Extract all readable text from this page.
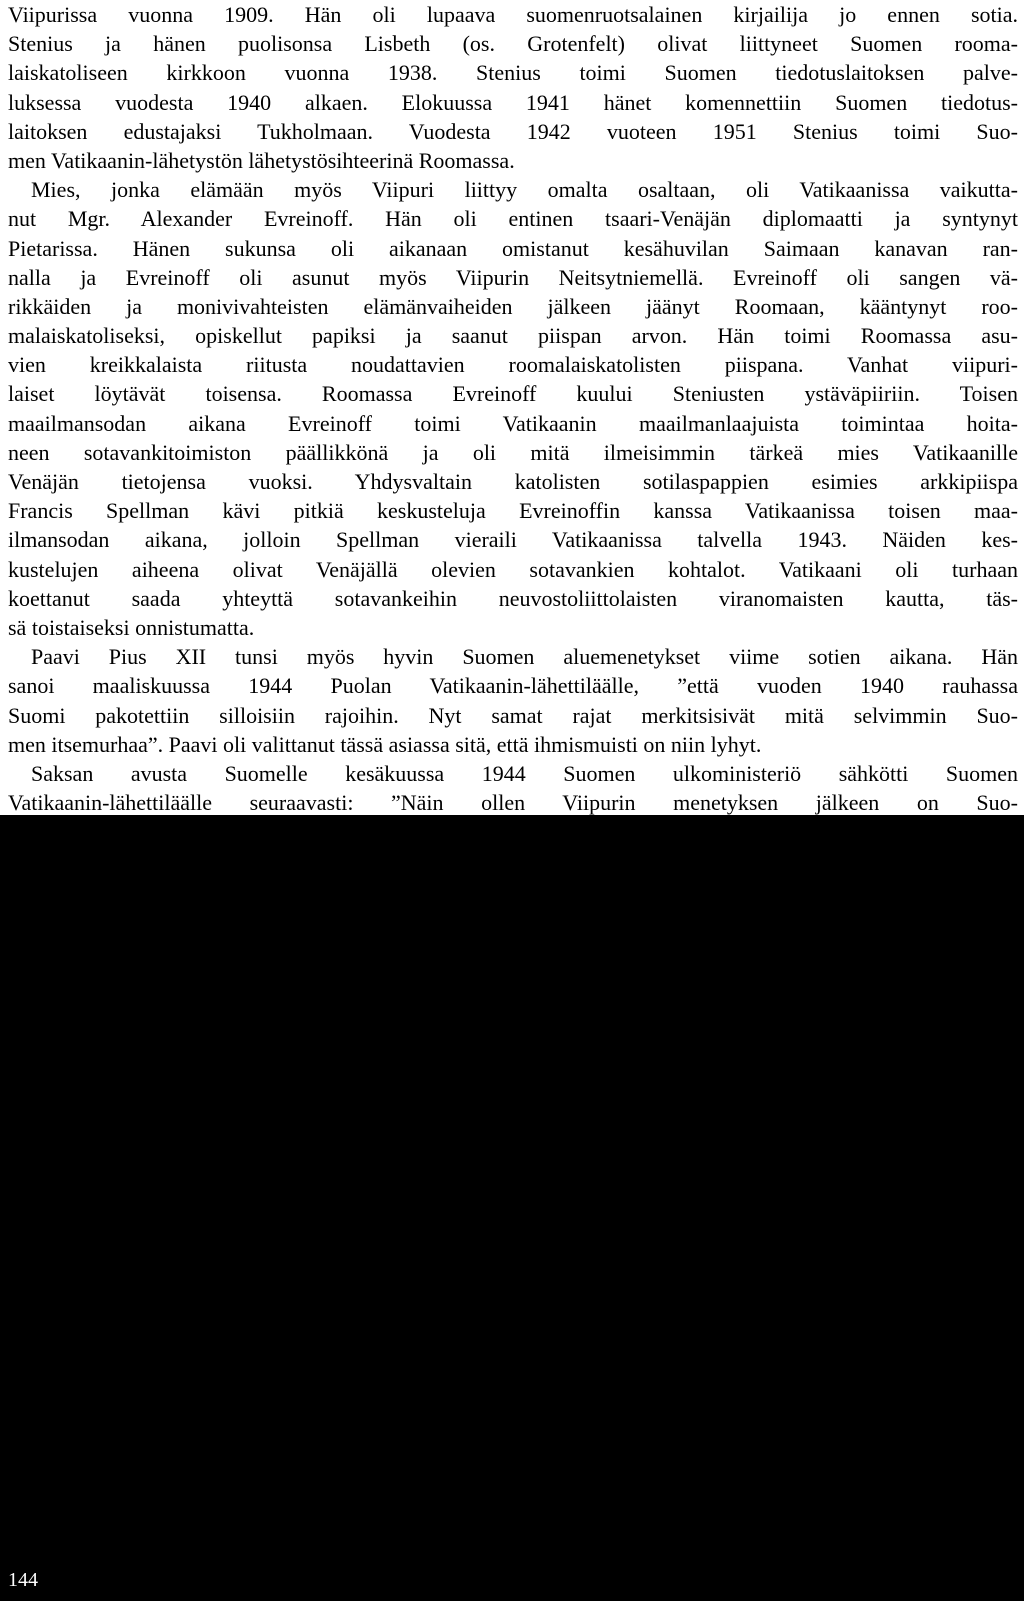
Viipurissa vuonna 1909. Hän oli lupaava suomenruotsalainen kirjailija jo ennen sotia.
Stenius ja hänen puolisonsa Lisbeth (os. Grotenfelt) olivat liittyneet Suomen rooma-
laiskatoliseen kirkkoon vuonna 1938. Stenius toimi Suomen tiedotuslaitoksen palve-
luksessa vuodesta 1940 alkaen. Elokuussa 1941 hänet komennettiin Suomen tiedotus-
laitoksen edustajaksi Tukholmaan. Vuodesta 1942 vuoteen 1951 Stenius toimi Suo-
men Vatikaanin-lähetystön lähetystösihteerinä Roomassa.
Mies, jonka elämään myös Viipuri liittyy omalta osaltaan, oli Vatikaanissa vaikutta-
nut Mgr. Alexander Evreinoff. Hän oli entinen tsaari-Venäjän diplomaatti ja syntynyt
Pietarissa. Hänen sukunsa oli aikanaan omistanut kesähuvilan Saimaan kanavan ran-
nalla ja Evreinoff oli asunut myös Viipurin Neitsytniemellä. Evreinoff oli sangen vä-
rikkäiden ja monivivahteisten elämänvaiheiden jälkeen jäänyt Roomaan, kääntynyt roo-
malaiskatoliseksi, opiskellut papiksi ja saanut piispan arvon. Hän toimi Roomassa asu-
vien kreikkalaista riitusta noudattavien roomalaiskatolisten piispana. Vanhat viipuri-
laiset löytävät toisensa. Roomassa Evreinoff kuului Steniusten ystäväpiiriin. Toisen
maailmansodan aikana Evreinoff toimi Vatikaanin maailmanlaajuista toimintaa hoita-
neen sotavankitoimiston päällikkönä ja oli mitä ilmeisimmin tärkeä mies Vatikaanille
Venäjän tietojensa vuoksi. Yhdysvaltain katolisten sotilaspappien esimies arkkipiispa
Francis Spellman kävi pitkiä keskusteluja Evreinoffin kanssa Vatikaanissa toisen maa-
ilmansodan aikana, jolloin Spellman vieraili Vatikaanissa talvella 1943. Näiden kes-
kustelujen aiheena olivat Venäjällä olevien sotavankien kohtalot. Vatikaani oli turhaan
koettanut saada yhteyttä sotavankeihin neuvostoliittolaisten viranomaisten kautta, täs-
sä toistaiseksi onnistumatta.
Paavi Pius XII tunsi myös hyvin Suomen aluemenetykset viime sotien aikana. Hän
sanoi maaliskuussa 1944 Puolan Vatikaanin-lähettiläälle, ”että vuoden 1940 rauhassa
Suomi pakotettiin silloisiin rajoihin. Nyt samat rajat merkitsisivät mitä selvimmin Suo-
men itsemurhaa”. Paavi oli valittanut tässä asiassa sitä, että ihmismuisti on niin lyhyt.
Saksan avusta Suomelle kesäkuussa 1944 Suomen ulkoministeriö sähkötti Suomen
Vatikaanin-lähettiläälle seuraavasti: ”Näin ollen Viipurin menetyksen jälkeen on Suo-
mea uhkaamassa valtiollinen ja kansallinen elämäntuho, joten apu on välttämätöntä ja
se on otettava mistä se on saatavissa.”
Viipurissa oleva Pyhän Hyacintuksen kirkko säilyi talvisodassa suhteellisen ehjänä.
Välirauhan aikana venäläiset olivat käyttäneet kirkkoa teatterina ja rakentaneet sen kuo-
riin näyttämön. Kirkko säilyi myös jatkosodan aikana ilman suurempia vaurioita säi-
lyttäen ulkoisen asunsa. Sodan jälkeen kirkkoa on käytetty eri tarkoituksiin, mm. pit-
kään lasten taidekouluna.
144
